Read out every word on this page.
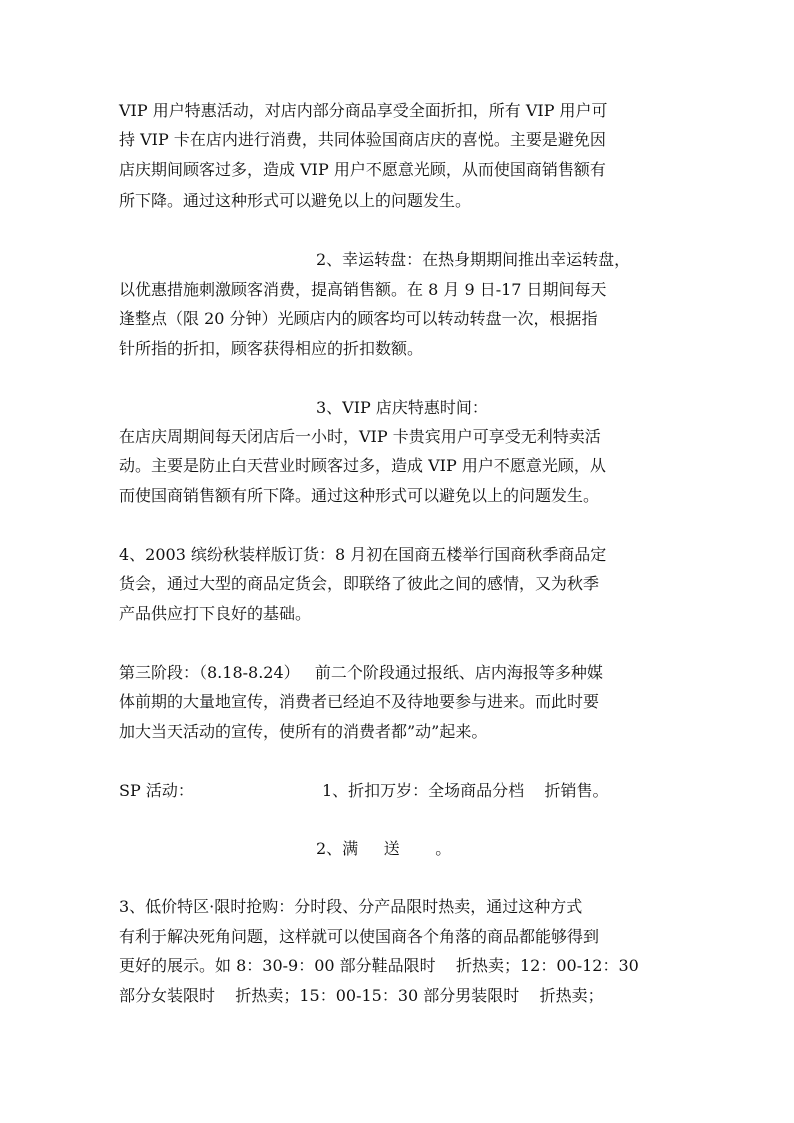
VIP 用户特惠活动，对店内部分商品享受全面折扣，所有 VIP 用户可
持 VIP 卡在店内进行消费，共同体验国商店庆的喜悦。主要是避免因
店庆期间顾客过多，造成 VIP 用户不愿意光顾，从而使国商销售额有
所下降。通过这种形式可以避免以上的问题发生。
2、幸运转盘：在热身期期间推出幸运转盘，
以优惠措施刺激顾客消费，提高销售额。在 8 月 9 日-17 日期间每天
逢整点（限 20 分钟）光顾店内的顾客均可以转动转盘一次，根据指
针所指的折扣，顾客获得相应的折扣数额。
3、VIP 店庆特惠时间：
在店庆周期间每天闭店后一小时，VIP 卡贵宾用户可享受无利特卖活
动。主要是防止白天营业时顾客过多，造成 VIP 用户不愿意光顾，从
而使国商销售额有所下降。通过这种形式可以避免以上的问题发生。
4、2003 缤纷秋装样版订货：8 月初在国商五楼举行国商秋季商品定
货会，通过大型的商品定货会，即联络了彼此之间的感情，又为秋季
产品供应打下良好的基础。
第三阶段：（8.18-8.24）   前二个阶段通过报纸、店内海报等多种媒
体前期的大量地宣传，消费者已经迫不及待地要参与进来。而此时要
加大当天活动的宣传，使所有的消费者都”动”起来。
SP 活动：	1、折扣万岁：全场商品分档    折销售。
2、满     送       。
3、低价特区·限时抢购：分时段、分产品限时热卖，通过这种方式
有利于解决死角问题，这样就可以使国商各个角落的商品都能够得到
更好的展示。如 8：30-9：00 部分鞋品限时    折热卖；12：00-12：30
部分女装限时    折热卖；15：00-15：30 部分男装限时    折热卖；
